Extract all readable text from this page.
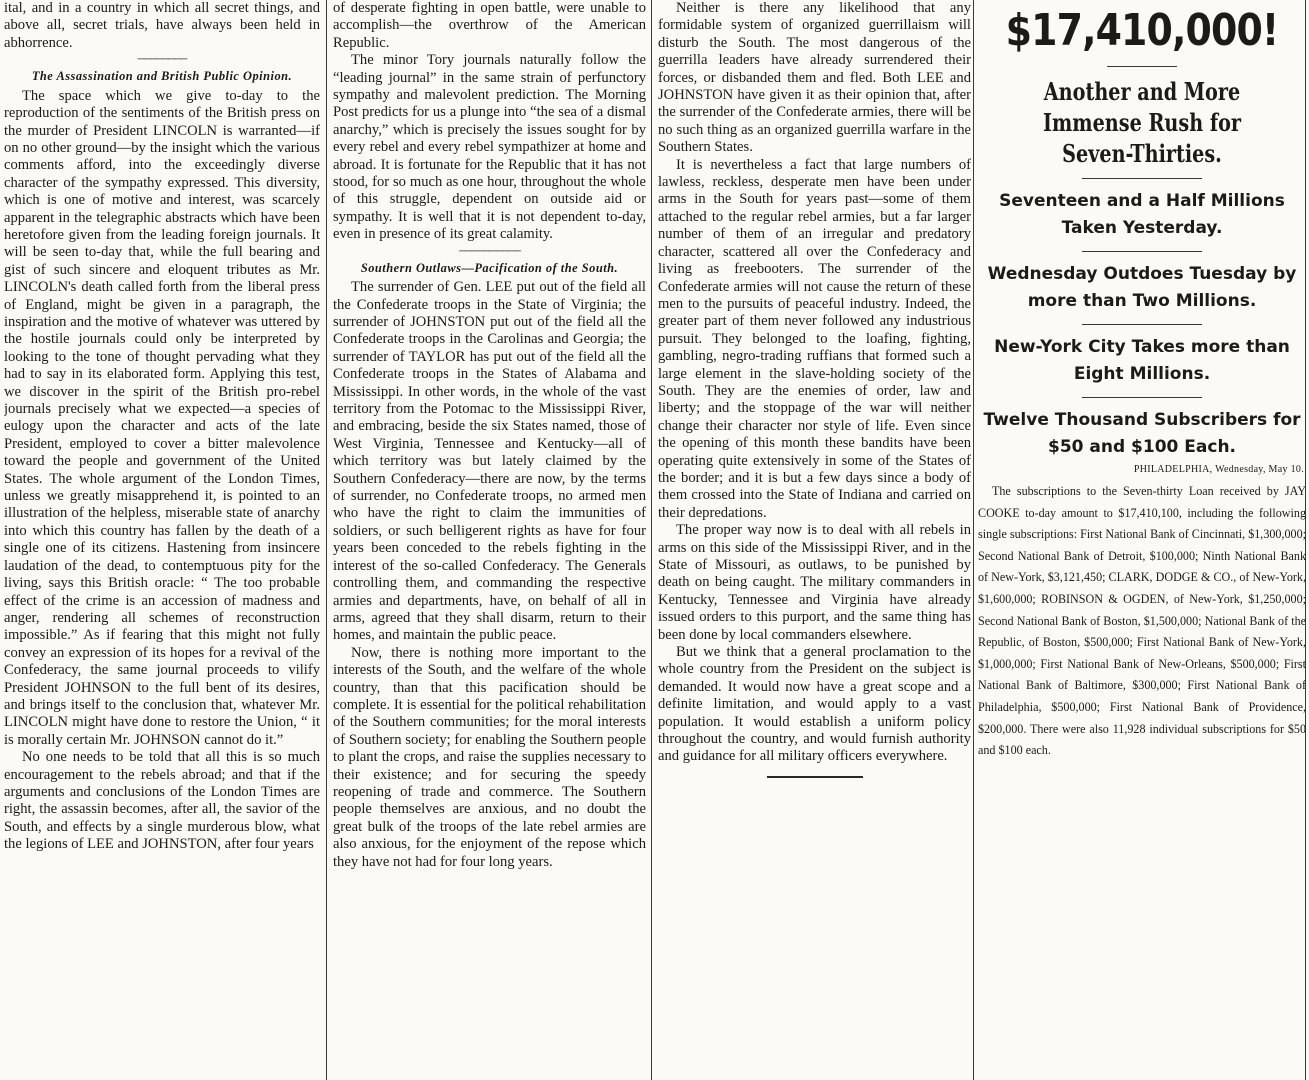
ital, and in a country in which all secret things, and above all, secret trials, have always been held in abhorrence.

────────
The Assassination and British Public Opinion.

The space which we give to-day to the reproduction of the sentiments of the British press on the murder of President LINCOLN is warranted—if on no other ground—by the insight which the various comments afford, into the exceedingly diverse character of the sympathy expressed. This diversity, which is one of motive and interest, was scarcely apparent in the telegraphic abstracts which have been heretofore given from the leading foreign journals. It will be seen to-day that, while the full bearing and gist of such sincere and eloquent tributes as Mr. LINCOLN's death called forth from the liberal press of England, might be given in a paragraph, the inspiration and the motive of whatever was uttered by the hostile journals could only be interpreted by looking to the tone of thought pervading what they had to say in its elaborated form. Applying this test, we discover in the spirit of the British pro-rebel journals precisely what we expected—a species of eulogy upon the character and acts of the late President, employed to cover a bitter malevolence toward the people and government of the United States. The whole argument of the London Times, unless we greatly misapprehend it, is pointed to an illustration of the helpless, miserable state of anarchy into which this country has fallen by the death of a single one of its citizens. Hastening from insincere laudation of the dead, to contemptuous pity for the living, says this British oracle: “ The too probable effect of the crime is an accession of madness and anger, rendering all schemes of reconstruction impossible.” As if fearing that this might not fully convey an expression of its hopes for a revival of the Confederacy, the same journal proceeds to vilify President JOHNSON to the full bent of its desires, and brings itself to the conclusion that, whatever Mr. LINCOLN might have done to restore the Union, “ it is morally certain Mr. JOHNSON cannot do it.”

No one needs to be told that all this is so much encouragement to the rebels abroad; and that if the arguments and conclusions of the London Times are right, the assassin becomes, after all, the savior of the South, and effects by a single murderous blow, what the legions of LEE and JOHNSTON, after four years

of desperate fighting in open battle, were unable to accomplish—the overthrow of the American Republic.

The minor Tory journals naturally follow the “leading journal” in the same strain of perfunctory sympathy and malevolent prediction. The Morning Post predicts for us a plunge into “the sea of a dismal anarchy,” which is precisely the issues sought for by every rebel and every rebel sympathizer at home and abroad. It is fortunate for the Republic that it has not stood, for so much as one hour, throughout the whole of this struggle, dependent on outside aid or sympathy. It is well that it is not dependent to-day, even in presence of its great calamity.

──────────
Southern Outlaws—Pacification of the South.

The surrender of Gen. LEE put out of the field all the Confederate troops in the State of Virginia; the surrender of JOHNSTON put out of the field all the Confederate troops in the Carolinas and Georgia; the surrender of TAYLOR has put out of the field all the Confederate troops in the States of Alabama and Mississippi. In other words, in the whole of the vast territory from the Potomac to the Mississippi River, and embracing, beside the six States named, those of West Virginia, Tennessee and Kentucky—all of which territory was but lately claimed by the Southern Confederacy—there are now, by the terms of surrender, no Confederate troops, no armed men who have the right to claim the immunities of soldiers, or such belligerent rights as have for four years been conceded to the rebels fighting in the interest of the so-called Confederacy. The Generals controlling them, and commanding the respective armies and departments, have, on behalf of all in arms, agreed that they shall disarm, return to their homes, and maintain the public peace.

Now, there is nothing more important to the interests of the South, and the welfare of the whole country, than that this pacification should be complete. It is essential for the political rehabilitation of the Southern communities; for the moral interests of Southern society; for enabling the Southern people to plant the crops, and raise the supplies necessary to their existence; and for securing the speedy reopening of trade and commerce. The Southern people themselves are anxious, and no doubt the great bulk of the troops of the late rebel armies are also anxious, for the enjoyment of the repose which they have not had for four long years.

Neither is there any likelihood that any formidable system of organized guerrillaism will disturb the South. The most dangerous of the guerrilla leaders have already surrendered their forces, or disbanded them and fled. Both LEE and JOHNSTON have given it as their opinion that, after the surrender of the Confederate armies, there will be no such thing as an organized guerrilla warfare in the Southern States.

It is nevertheless a fact that large numbers of lawless, reckless, desperate men have been under arms in the South for years past—some of them attached to the regular rebel armies, but a far larger number of them of an irregular and predatory character, scattered all over the Confederacy and living as freebooters. The surrender of the Confederate armies will not cause the return of these men to the pursuits of peaceful industry. Indeed, the greater part of them never followed any industrious pursuit. They belonged to the loafing, fighting, gambling, negro-trading ruffians that formed such a large element in the slave-holding society of the South. They are the enemies of order, law and liberty; and the stoppage of the war will neither change their character nor style of life. Even since the opening of this month these bandits have been operating quite extensively in some of the States of the border; and it is but a few days since a body of them crossed into the State of Indiana and carried on their depredations.

The proper way now is to deal with all rebels in arms on this side of the Mississippi River, and in the State of Missouri, as outlaws, to be punished by death on being caught. The military commanders in Kentucky, Tennessee and Virginia have already issued orders to this purport, and the same thing has been done by local commanders elsewhere.

But we think that a general proclamation to the whole country from the President on the subject is demanded. It would now have a great scope and a definite limitation, and would apply to a vast population. It would establish a uniform policy throughout the country, and would furnish authority and guidance for all military officers everywhere.

$17,410,000!
Another and More Immense Rush for Seven-Thirties.
Seventeen and a Half Millions Taken Yesterday.
Wednesday Outdoes Tuesday by more than Two Millions.
New-York City Takes more than Eight Millions.
Twelve Thousand Subscribers for $50 and $100 Each.
PHILADELPHIA, Wednesday, May 10.

The subscriptions to the Seven-thirty Loan received by JAY COOKE to-day amount to $17,410,100, including the following single subscriptions: First National Bank of Cincinnati, $1,300,000; Second National Bank of Detroit, $100,000; Ninth National Bank of New-York, $3,121,450; CLARK, DODGE & CO., of New-York, $1,600,000; ROBINSON & OGDEN, of New-York, $1,250,000; Second National Bank of Boston, $1,500,000; National Bank of the Republic, of Boston, $500,000; First National Bank of New-York, $1,000,000; First National Bank of New-Orleans, $500,000; First National Bank of Baltimore, $300,000; First National Bank of Philadelphia, $500,000; First National Bank of Providence, $200,000. There were also 11,928 individual subscriptions for $50 and $100 each.
